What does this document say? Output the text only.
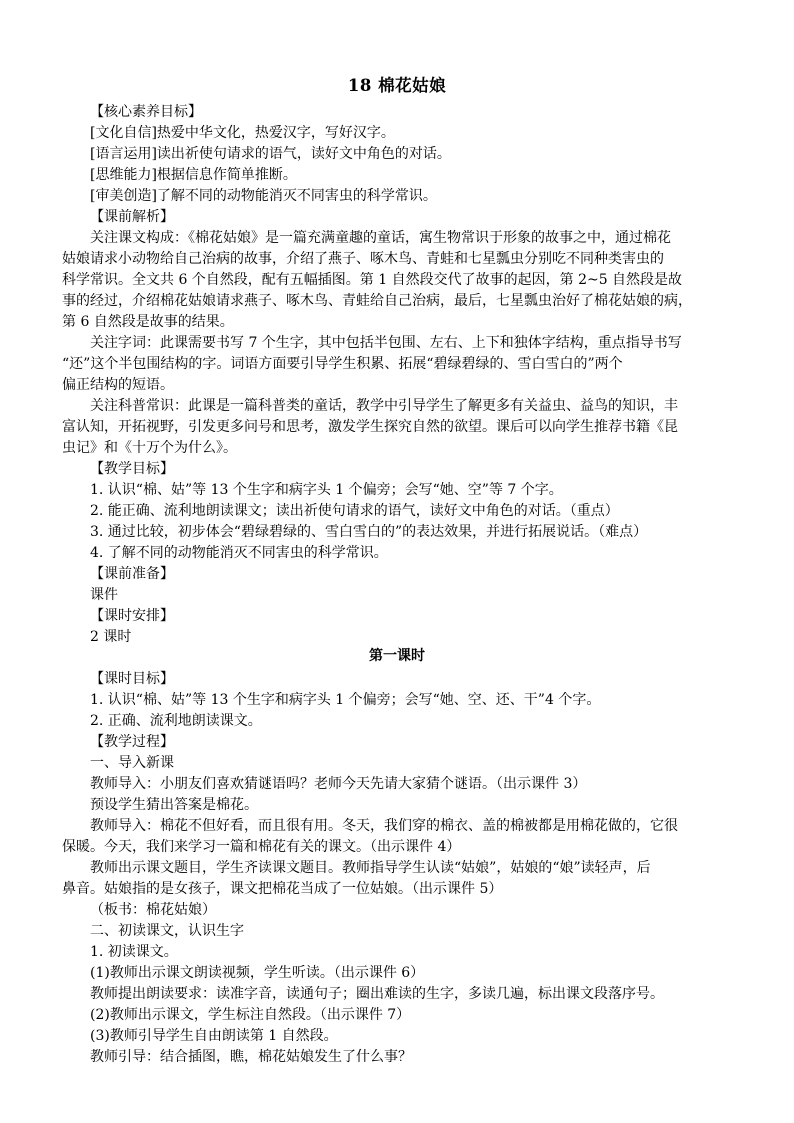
18 棉花姑娘
【核心素养目标】
[文化自信]热爱中华文化，热爱汉字，写好汉字。
[语言运用]读出祈使句请求的语气，读好文中角色的对话。
[思维能力]根据信息作简单推断。
[审美创造]了解不同的动物能消灭不同害虫的科学常识。
【课前解析】
关注课文构成：《棉花姑娘》是一篇充满童趣的童话，寓生物常识于形象的故事之中，通过棉花
姑娘请求小动物给自己治病的故事，介绍了燕子、啄木鸟、青蛙和七星瓢虫分别吃不同种类害虫的
科学常识。全文共 6 个自然段，配有五幅插图。第 1 自然段交代了故事的起因，第 2~5 自然段是故
事的经过，介绍棉花姑娘请求燕子、啄木鸟、青蛙给自己治病，最后，七星瓢虫治好了棉花姑娘的病，
第 6 自然段是故事的结果。
关注字词：此课需要书写 7 个生字，其中包括半包围、左右、上下和独体字结构，重点指导书写
“还”这个半包围结构的字。词语方面要引导学生积累、拓展“碧绿碧绿的、雪白雪白的”两个
偏正结构的短语。
关注科普常识：此课是一篇科普类的童话，教学中引导学生了解更多有关益虫、益鸟的知识，丰
富认知，开拓视野，引发更多问号和思考，激发学生探究自然的欲望。课后可以向学生推荐书籍《昆
虫记》和《十万个为什么》。
【教学目标】
1. 认识“棉、姑”等 13 个生字和病字头 1 个偏旁；会写“她、空”等 7 个字。
2. 能正确、流利地朗读课文；读出祈使句请求的语气，读好文中角色的对话。（重点）
3. 通过比较，初步体会“碧绿碧绿的、雪白雪白的”的表达效果，并进行拓展说话。（难点）
4. 了解不同的动物能消灭不同害虫的科学常识。
【课前准备】
课件
【课时安排】
2 课时
第一课时
【课时目标】
1. 认识“棉、姑”等 13 个生字和病字头 1 个偏旁；会写“她、空、还、干”4 个字。
2. 正确、流利地朗读课文。
【教学过程】
一、导入新课
教师导入：小朋友们喜欢猜谜语吗？老师今天先请大家猜个谜语。（出示课件 3）
预设学生猜出答案是棉花。
教师导入：棉花不但好看，而且很有用。冬天，我们穿的棉衣、盖的棉被都是用棉花做的，它很
保暖。今天，我们来学习一篇和棉花有关的课文。（出示课件 4）
教师出示课文题目，学生齐读课文题目。教师指导学生认读“姑娘”，姑娘的“娘”读轻声，后
鼻音。姑娘指的是女孩子，课文把棉花当成了一位姑娘。（出示课件 5）
（板书：棉花姑娘）
二、初读课文，认识生字
1. 初读课文。
(1)教师出示课文朗读视频，学生听读。（出示课件 6）
教师提出朗读要求：读准字音，读通句子；圈出难读的生字，多读几遍，标出课文段落序号。
(2)教师出示课文，学生标注自然段。（出示课件 7）
(3)教师引导学生自由朗读第 1 自然段。
教师引导：结合插图，瞧，棉花姑娘发生了什么事？
